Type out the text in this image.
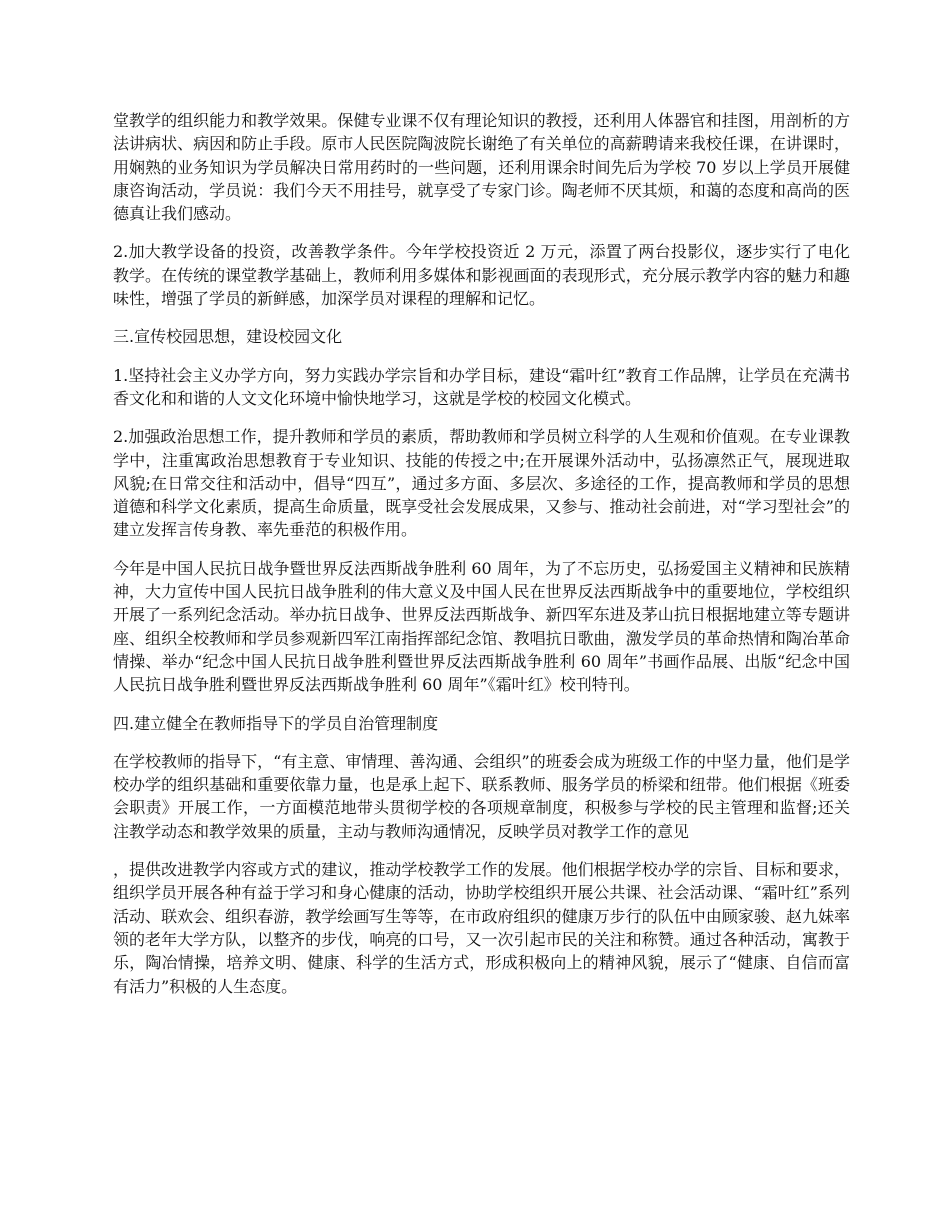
堂教学的组织能力和教学效果。保健专业课不仅有理论知识的教授，还利用人体器官和挂图，用剖析的方法讲病状、病因和防止手段。原市人民医院陶波院长谢绝了有关单位的高薪聘请来我校任课，在讲课时，用娴熟的业务知识为学员解决日常用药时的一些问题，还利用课余时间先后为学校 70 岁以上学员开展健康咨询活动，学员说：我们今天不用挂号，就享受了专家门诊。陶老师不厌其烦，和蔼的态度和高尚的医德真让我们感动。

2.加大教学设备的投资，改善教学条件。今年学校投资近 2 万元，添置了两台投影仪，逐步实行了电化教学。在传统的课堂教学基础上，教师利用多媒体和影视画面的表现形式，充分展示教学内容的魅力和趣味性，增强了学员的新鲜感，加深学员对课程的理解和记忆。

三.宣传校园思想，建设校园文化

1.坚持社会主义办学方向，努力实践办学宗旨和办学目标，建设“霜叶红”教育工作品牌，让学员在充满书香文化和和谐的人文文化环境中愉快地学习，这就是学校的校园文化模式。

2.加强政治思想工作，提升教师和学员的素质，帮助教师和学员树立科学的人生观和价值观。在专业课教学中，注重寓政治思想教育于专业知识、技能的传授之中;在开展课外活动中，弘扬凛然正气，展现进取风貌;在日常交往和活动中，倡导“四互”，通过多方面、多层次、多途径的工作，提高教师和学员的思想道德和科学文化素质，提高生命质量，既享受社会发展成果，又参与、推动社会前进，对“学习型社会”的建立发挥言传身教、率先垂范的积极作用。

今年是中国人民抗日战争暨世界反法西斯战争胜利 60 周年，为了不忘历史，弘扬爱国主义精神和民族精神，大力宣传中国人民抗日战争胜利的伟大意义及中国人民在世界反法西斯战争中的重要地位，学校组织开展了一系列纪念活动。举办抗日战争、世界反法西斯战争、新四军东进及茅山抗日根据地建立等专题讲座、组织全校教师和学员参观新四军江南指挥部纪念馆、教唱抗日歌曲，激发学员的革命热情和陶冶革命情操、举办“纪念中国人民抗日战争胜利暨世界反法西斯战争胜利 60 周年”书画作品展、出版“纪念中国人民抗日战争胜利暨世界反法西斯战争胜利 60 周年”《霜叶红》校刊特刊。

四.建立健全在教师指导下的学员自治管理制度

在学校教师的指导下，“有主意、审情理、善沟通、会组织”的班委会成为班级工作的中坚力量，他们是学校办学的组织基础和重要依靠力量，也是承上起下、联系教师、服务学员的桥梁和纽带。他们根据《班委会职责》开展工作，一方面模范地带头贯彻学校的各项规章制度，积极参与学校的民主管理和监督;还关注教学动态和教学效果的质量，主动与教师沟通情况，反映学员对教学工作的意见

，提供改进教学内容或方式的建议，推动学校教学工作的发展。他们根据学校办学的宗旨、目标和要求，组织学员开展各种有益于学习和身心健康的活动，协助学校组织开展公共课、社会活动课、“霜叶红”系列活动、联欢会、组织春游，教学绘画写生等等，在市政府组织的健康万步行的队伍中由顾家骏、赵九妹率领的老年大学方队，以整齐的步伐，响亮的口号，又一次引起市民的关注和称赞。通过各种活动，寓教于乐，陶冶情操，培养文明、健康、科学的生活方式，形成积极向上的精神风貌，展示了“健康、自信而富有活力”积极的人生态度。
